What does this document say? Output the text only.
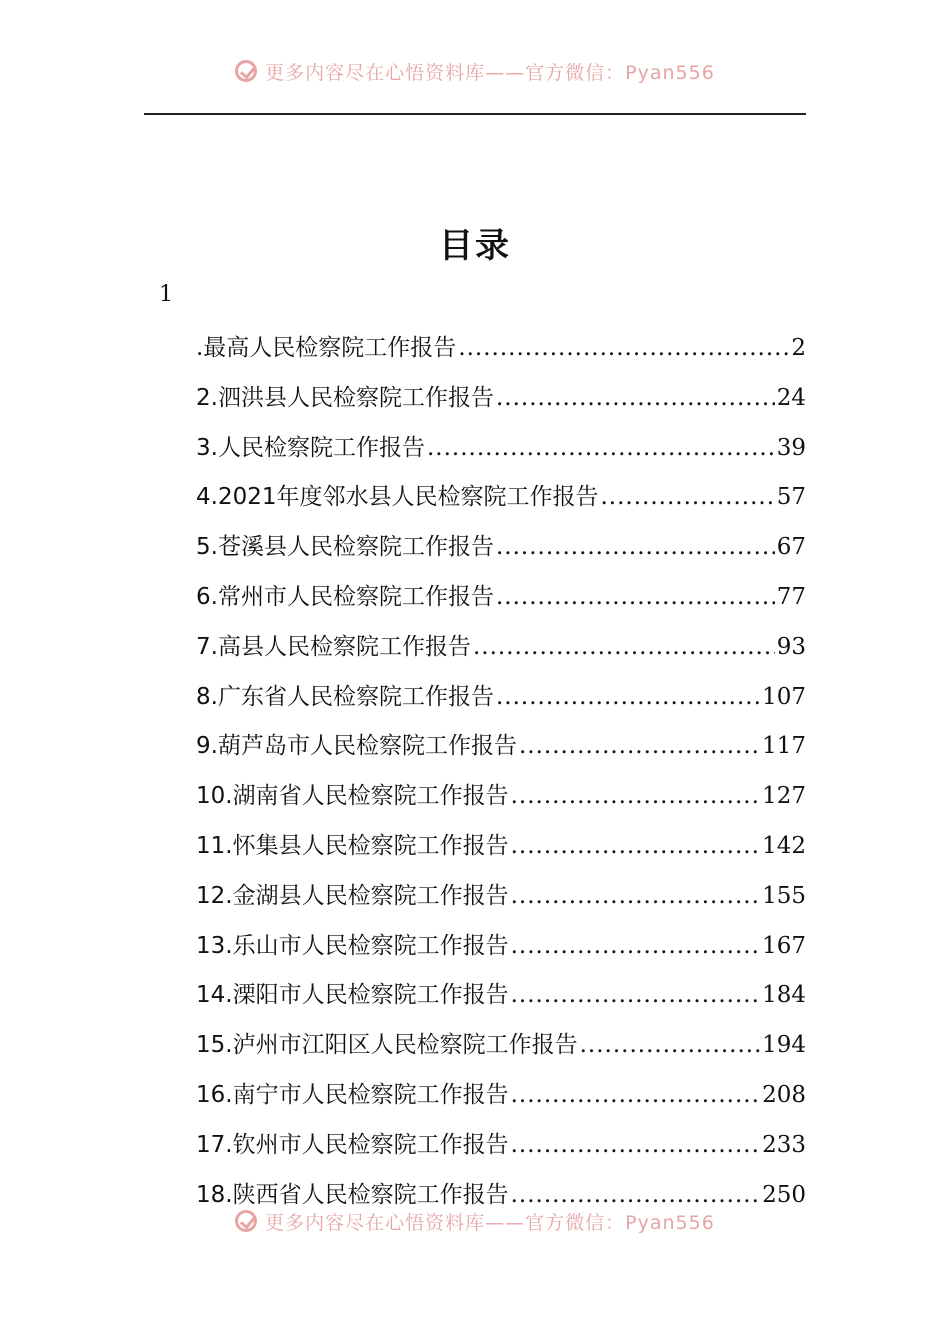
更多内容尽在心悟资料库——官方微信：Pyan556
目录
1
.最高人民检察院工作报告 .....	2
2.泗洪县人民检察院工作报告 .....	24
3.人民检察院工作报告 .....	39
4.2021年度邻水县人民检察院工作报告 .....	57
5.苍溪县人民检察院工作报告 .....	67
6.常州市人民检察院工作报告 .....	77
7.高县人民检察院工作报告 .....	93
8.广东省人民检察院工作报告 .....	107
9.葫芦岛市人民检察院工作报告 .....	117
10.湖南省人民检察院工作报告 .....	127
11.怀集县人民检察院工作报告 .....	142
12.金湖县人民检察院工作报告 .....	155
13.乐山市人民检察院工作报告 .....	167
14.溧阳市人民检察院工作报告 .....	184
15.泸州市江阳区人民检察院工作报告 .....	194
16.南宁市人民检察院工作报告 .....	208
17.钦州市人民检察院工作报告 .....	233
18.陕西省人民检察院工作报告 .....	250
更多内容尽在心悟资料库——官方微信：Pyan556
